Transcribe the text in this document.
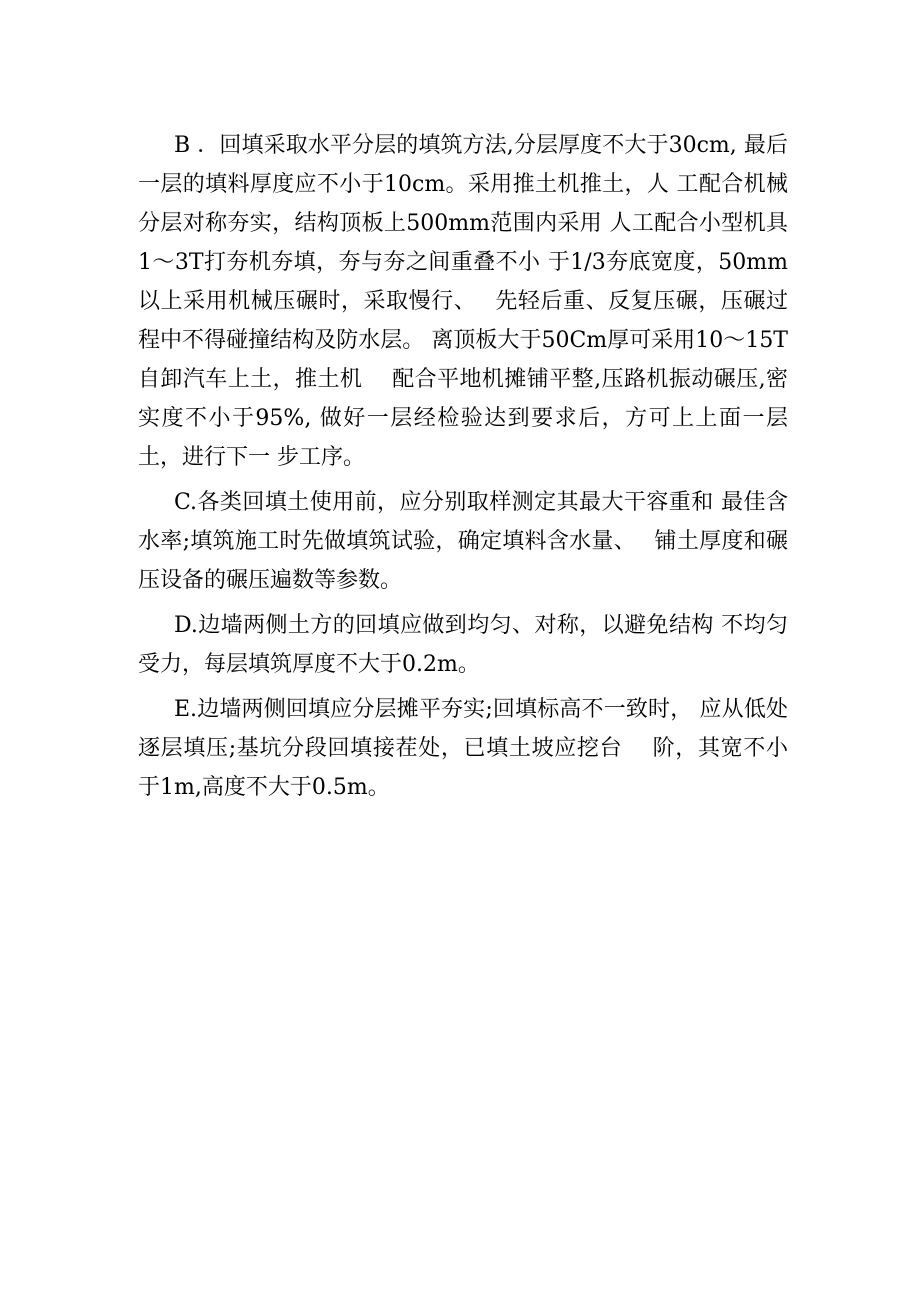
B ．回填采取水平分层的填筑方法,分层厚度不大于30cm, 最后一层的填料厚度应不小于10cm。采用推土机推土，人 工配合机械分层对称夯实，结构顶板上500mm范围内采用 人工配合小型机具1～3T打夯机夯填，夯与夯之间重叠不小 于1/3夯底宽度，50mm以上采用机械压碾时，采取慢行、　 先轻后重、反复压碾，压碾过程中不得碰撞结构及防水层。 离顶板大于50Cm厚可采用10～15T自卸汽车上土，推土机 　配合平地机摊铺平整,压路机振动碾压,密实度不小于95%, 做好一层经检验达到要求后，方可上上面一层土，进行下一 步工序。

C.各类回填土使用前，应分别取样测定其最大干容重和 最佳含水率;填筑施工时先做填筑试验，确定填料含水量、　 铺土厚度和碾压设备的碾压遍数等参数。

D.边墙两侧土方的回填应做到均匀、对称，以避免结构 不均匀受力，每层填筑厚度不大于0.2m。

E.边墙两侧回填应分层摊平夯实;回填标高不一致时， 应从低处逐层填压;基坑分段回填接茬处，已填土坡应挖台 　阶，其宽不小于1m,高度不大于0.5m。
